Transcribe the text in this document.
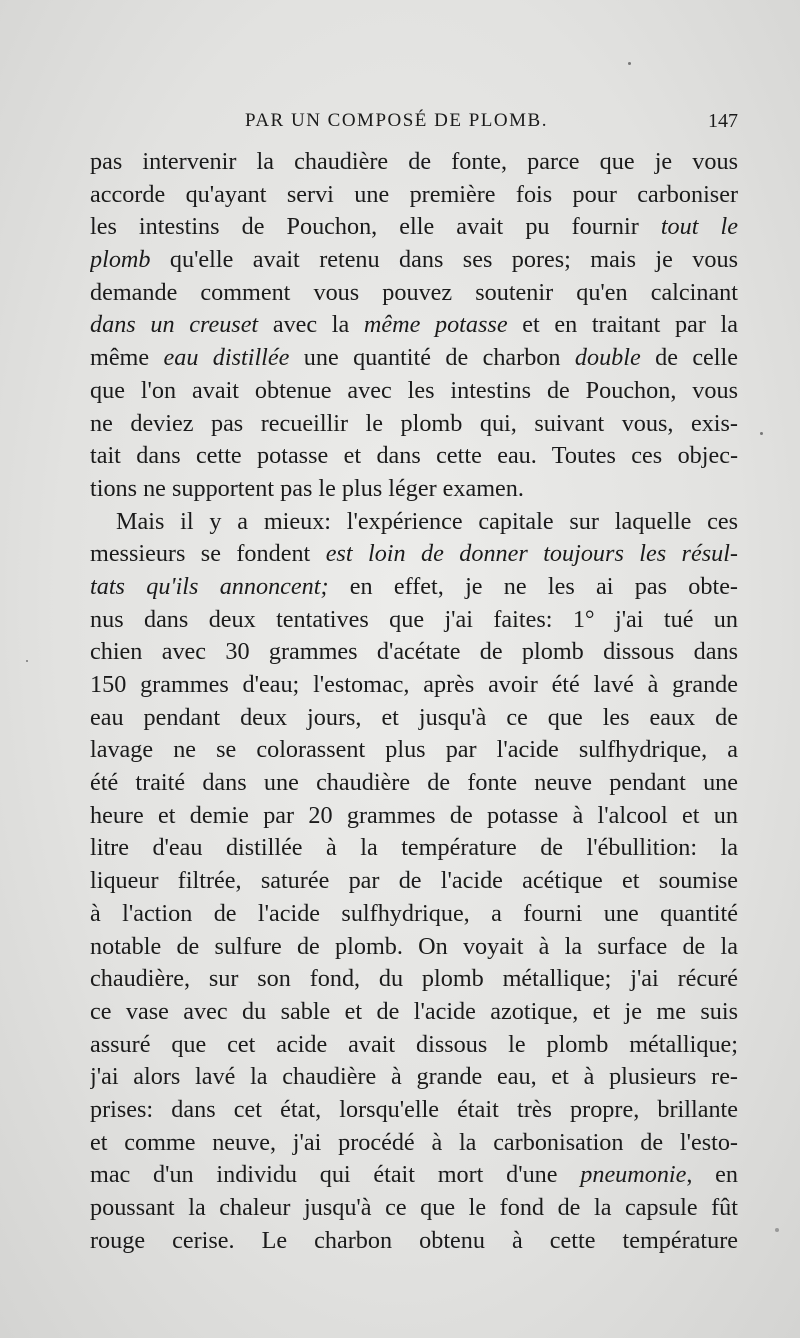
PAR UN COMPOSÉ DE PLOMB.	147
pas intervenir la chaudière de fonte, parce que je vous
accorde qu'ayant servi une première fois pour carboniser
les intestins de Pouchon, elle avait pu fournir tout le
plomb qu'elle avait retenu dans ses pores; mais je vous
demande comment vous pouvez soutenir qu'en calcinant
dans un creuset avec la même potasse et en traitant par la
même eau distillée une quantité de charbon double de celle
que l'on avait obtenue avec les intestins de Pouchon, vous
ne deviez pas recueillir le plomb qui, suivant vous, exis-
tait dans cette potasse et dans cette eau. Toutes ces objec-
tions ne supportent pas le plus léger examen.
Mais il y a mieux: l'expérience capitale sur laquelle ces
messieurs se fondent est loin de donner toujours les résul-
tats qu'ils annoncent; en effet, je ne les ai pas obte-
nus dans deux tentatives que j'ai faites: 1° j'ai tué un
chien avec 30 grammes d'acétate de plomb dissous dans
150 grammes d'eau; l'estomac, après avoir été lavé à grande
eau pendant deux jours, et jusqu'à ce que les eaux de
lavage ne se colorassent plus par l'acide sulfhydrique, a
été traité dans une chaudière de fonte neuve pendant une
heure et demie par 20 grammes de potasse à l'alcool et un
litre d'eau distillée à la température de l'ébullition: la
liqueur filtrée, saturée par de l'acide acétique et soumise
à l'action de l'acide sulfhydrique, a fourni une quantité
notable de sulfure de plomb. On voyait à la surface de la
chaudière, sur son fond, du plomb métallique; j'ai récuré
ce vase avec du sable et de l'acide azotique, et je me suis
assuré que cet acide avait dissous le plomb métallique;
j'ai alors lavé la chaudière à grande eau, et à plusieurs re-
prises: dans cet état, lorsqu'elle était très propre, brillante
et comme neuve, j'ai procédé à la carbonisation de l'esto-
mac d'un individu qui était mort d'une pneumonie, en
poussant la chaleur jusqu'à ce que le fond de la capsule fût
rouge cerise. Le charbon obtenu à cette température
